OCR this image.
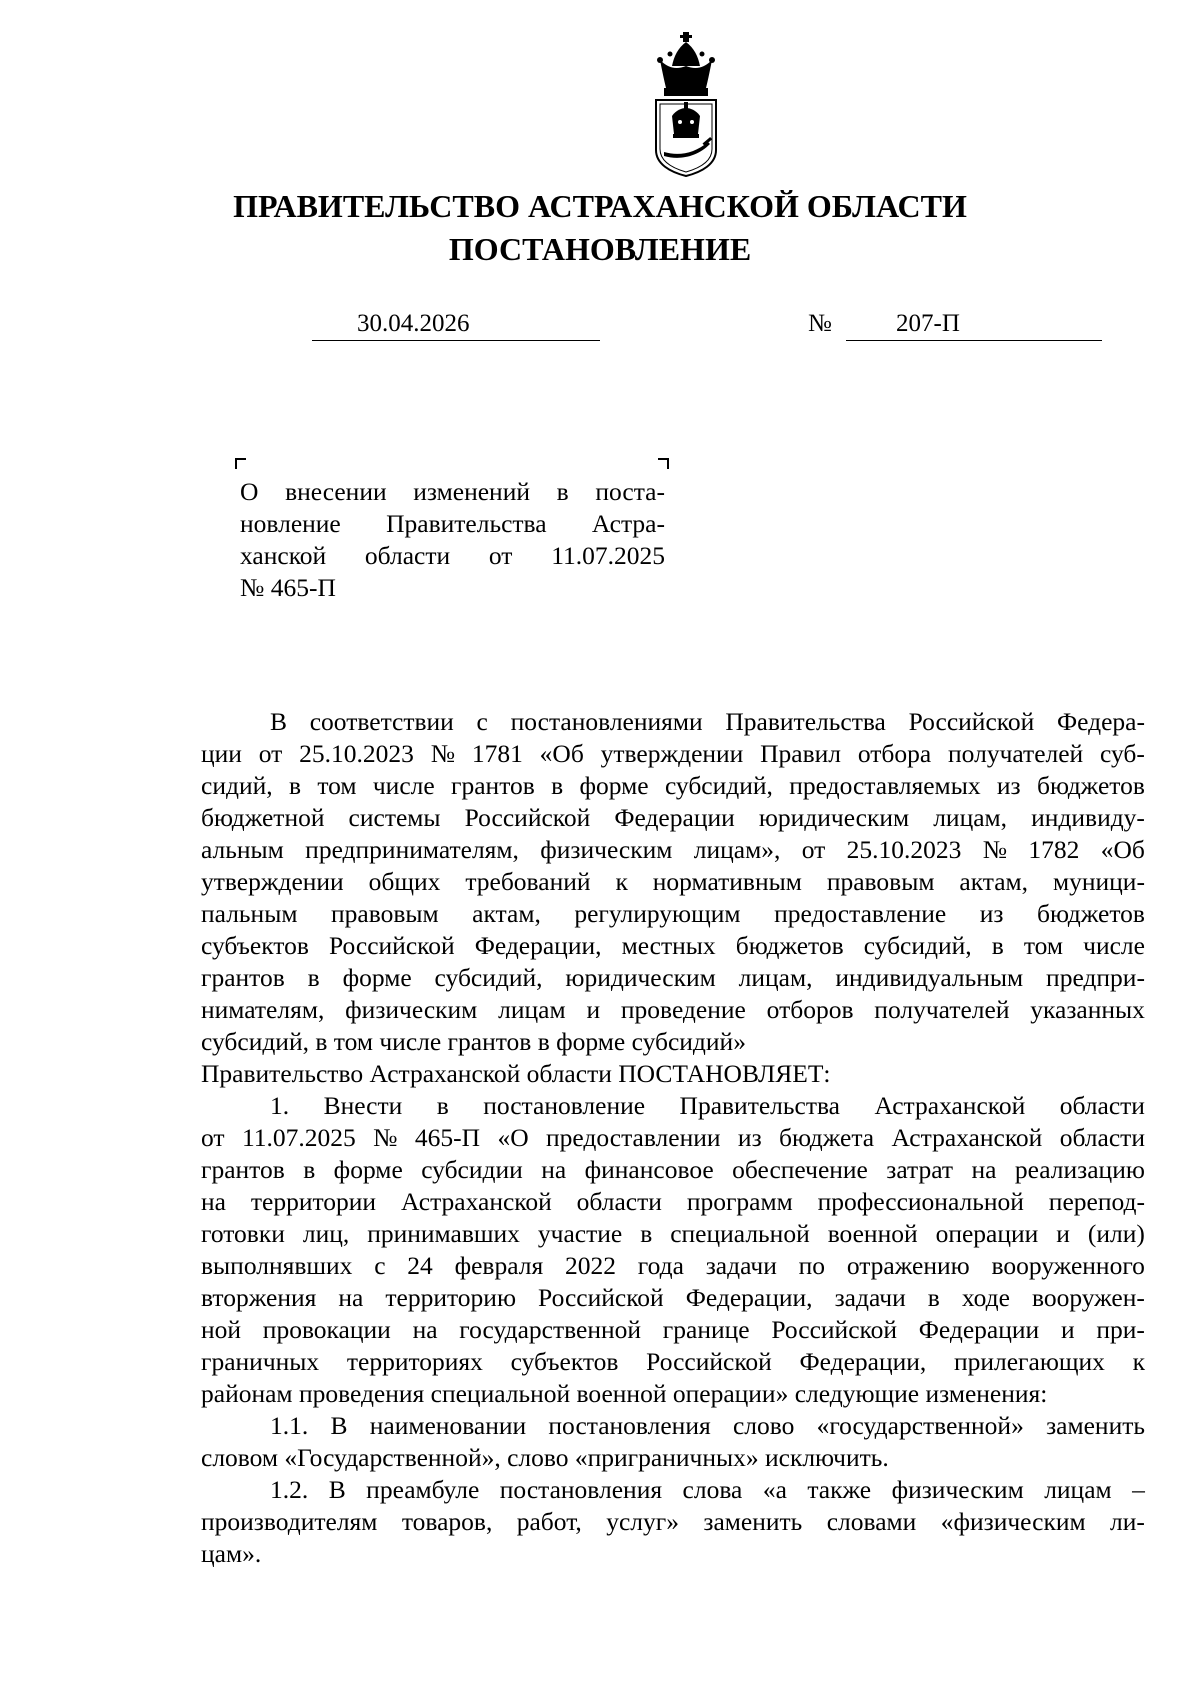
ПРАВИТЕЛЬСТВО АСТРАХАНСКОЙ ОБЛАСТИ
ПОСТАНОВЛЕНИЕ
30.04.2026	№	207-П
О внесении изменений в поста-
новление Правительства Астра-
ханской области от 11.07.2025
№ 465-П
В соответствии с постановлениями Правительства Российской Федера-
ции от 25.10.2023 № 1781 «Об утверждении Правил отбора получателей суб-
сидий, в том числе грантов в форме субсидий, предоставляемых из бюджетов
бюджетной системы Российской Федерации юридическим лицам, индивиду-
альным предпринимателям, физическим лицам», от 25.10.2023 № 1782 «Об
утверждении общих требований к нормативным правовым актам, муници-
пальным правовым актам, регулирующим предоставление из бюджетов
субъектов Российской Федерации, местных бюджетов субсидий, в том числе
грантов в форме субсидий, юридическим лицам, индивидуальным предпри-
нимателям, физическим лицам и проведение отборов получателей указанных
субсидий, в том числе грантов в форме субсидий»
Правительство Астраханской области ПОСТАНОВЛЯЕТ:
1. Внести в постановление Правительства Астраханской области
от 11.07.2025 № 465-П «О предоставлении из бюджета Астраханской области
грантов в форме субсидии на финансовое обеспечение затрат на реализацию
на территории Астраханской области программ профессиональной перепод-
готовки лиц, принимавших участие в специальной военной операции и (или)
выполнявших с 24 февраля 2022 года задачи по отражению вооруженного
вторжения на территорию Российской Федерации, задачи в ходе вооружен-
ной провокации на государственной границе Российской Федерации и при-
граничных территориях субъектов Российской Федерации, прилегающих к
районам проведения специальной военной операции» следующие изменения:
1.1. В наименовании постановления слово «государственной» заменить
словом «Государственной», слово «приграничных» исключить.
1.2. В преамбуле постановления слова «а также физическим лицам –
производителям товаров, работ, услуг» заменить словами «физическим ли-
цам».
